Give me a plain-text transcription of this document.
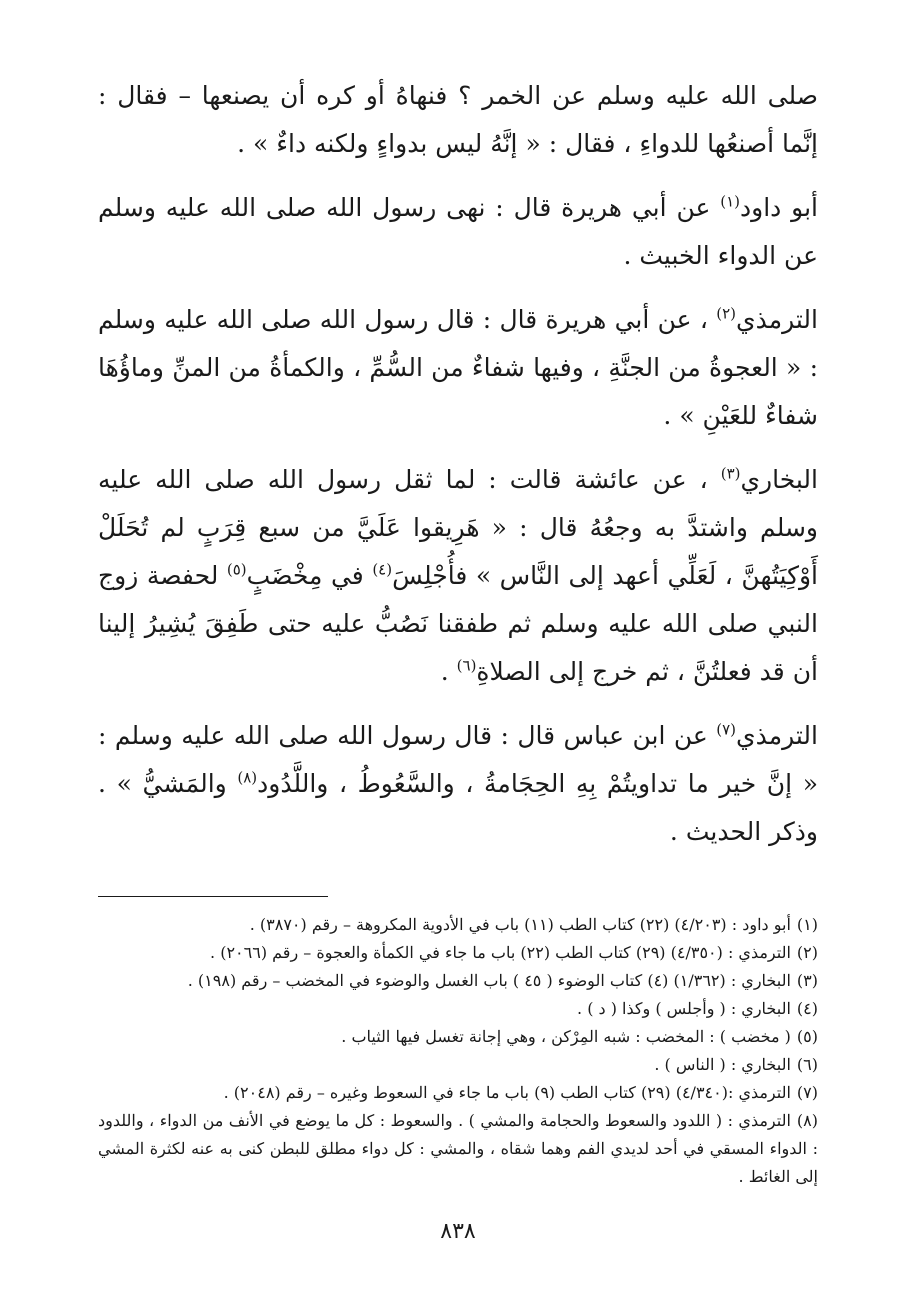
صلى الله عليه وسلم عن الخمر ؟ فنهاهُ أو كره أن يصنعها – فقال : إنَّما أصنعُها للدواءِ ، فقال : « إنَّهُ ليس بدواءٍ ولكنه داءٌ » .

أبو داود$^{(١)}$ عن أبي هريرة قال : نهى رسول الله صلى الله عليه وسلم عن الدواء الخبيث .

الترمذي$^{(٢)}$ ، عن أبي هريرة قال : قال رسول الله صلى الله عليه وسلم : « العجوةُ من الجنَّةِ ، وفيها شفاءٌ من السُّمِّ ، والكمأةُ من المنِّ وماؤُهَا شفاءٌ للعَيْنِ » .

البخاري$^{(٣)}$ ، عن عائشة قالت : لما ثقل رسول الله صلى الله عليه وسلم واشتدَّ به وجعُهُ قال : « هَرِيقوا عَلَيَّ من سبع قِرَبٍ لم تُحَلَلْ أَوْكِيَتُهنَّ ، لَعَلِّي أعهد إلى النَّاس » فأُجْلِسَ$^{(٤)}$ في مِخْضَبٍ$^{(٥)}$ لحفصة زوج النبي صلى الله عليه وسلم ثم طفقنا نَصُبُّ عليه حتى طَفِقَ يُشِيرُ إلينا أن قد فعلتُنَّ ، ثم خرج إلى الصلاةِ$^{(٦)}$ .

الترمذي$^{(٧)}$ عن ابن عباس قال : قال رسول الله صلى الله عليه وسلم : « إنَّ خير ما تداويتُمْ بِهِ الحِجَامةُ ، والسَّعُوطُ ، واللَّدُود$^{(٨)}$ والمَشيُّ » . وذكر الحديث .

(١)أبو داود : (٤/٢٠٣) (٢٢) كتاب الطب (١١) باب في الأدوية المكروهة – رقم (٣٨٧٠) .

(٢)الترمذي : (٤/٣٥٠) (٢٩) كتاب الطب (٢٢) باب ما جاء في الكمأة والعجوة – رقم (٢٠٦٦) .

(٣)البخاري : (١/٣٦٢) (٤) كتاب الوضوء ( ٤٥ ) باب الغسل والوضوء في المخضب – رقم (١٩٨) .

(٤)البخاري : ( وأجلس ) وكذا ( د ) .

(٥)( مخضب ) : المخضب : شبه المِرْكن ، وهي إجانة تغسل فيها الثياب .

(٦)البخاري : ( الناس ) .

(٧)الترمذي :(٤/٣٤٠) (٢٩) كتاب الطب (٩) باب ما جاء في السعوط وغيره – رقم (٢٠٤٨) .

(٨)الترمذي : ( اللدود والسعوط والحجامة والمشي ) . والسعوط : كل ما يوضع في الأنف من الدواء ، واللدود : الدواء المسقي في أحد لديدي الفم وهما شقاه ، والمشي : كل دواء مطلق للبطن كنى به عنه لكثرة المشي إلى الغائط .

٨٣٨
